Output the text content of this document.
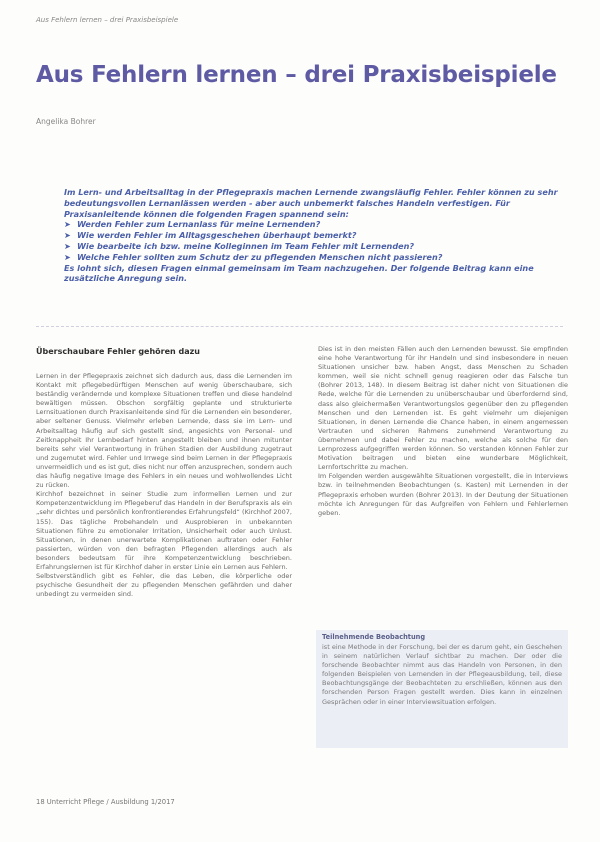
Aus Fehlern lernen – drei Praxisbeispiele
Aus Fehlern lernen – drei Praxisbeispiele
Angelika Bohrer

Im Lern- und Arbeitsalltag in der Pflegepraxis machen Lernende zwangsläufig Fehler. Fehler können zu sehr bedeutungsvollen Lernanlässen werden - aber auch unbemerkt falsches Handeln verfestigen. Für Praxisanleitende können die folgenden Fragen spannend sein:

➤ Werden Fehler zum Lernanlass für meine Lernenden?
➤ Wie werden Fehler im Alltagsgeschehen überhaupt bemerkt?
➤ Wie bearbeite ich bzw. meine Kolleginnen im Team Fehler mit Lernenden?
➤ Welche Fehler sollten zum Schutz der zu pflegenden Menschen nicht passieren?

Es lohnt sich, diesen Fragen einmal gemeinsam im Team nachzugehen. Der folgende Beitrag kann eine zusätzliche Anregung sein.

Überschaubare Fehler gehören dazu

Lernen in der Pflegepraxis zeichnet sich dadurch aus, dass die Lernenden im Kontakt mit pflegebedürftigen Menschen auf wenig überschaubare, sich beständig verändernde und komplexe Situationen treffen und diese handelnd bewältigen müssen. Obschon sorgfältig geplante und strukturierte Lernsituationen durch Praxisanleitende sind für die Lernenden ein besonderer, aber seltener Genuss. Vielmehr erleben Lernende, dass sie im Lern- und Arbeitsalltag häufig auf sich gestellt sind, angesichts von Personal- und Zeitknappheit Ihr Lernbedarf hinten angestellt bleiben und ihnen mitunter bereits sehr viel Verantwortung in frühen Stadien der Ausbildung zugetraut und zugemutet wird. Fehler und Irrwege sind beim Lernen in der Pflegepraxis unvermeidlich und es ist gut, dies nicht nur offen anzusprechen, sondern auch das häufig negative Image des Fehlers in ein neues und wohlwollendes Licht zu rücken.

Kirchhof bezeichnet in seiner Studie zum informellen Lernen und zur Kompetenzentwicklung im Pflegeberuf das Handeln in der Berufspraxis als ein „sehr dichtes und persönlich konfrontierendes Erfahrungsfeld“ (Kirchhof 2007, 155). Das tägliche Probehandeln und Ausprobieren in unbekannten Situationen führe zu emotionaler Irritation, Unsicherheit oder auch Unlust. Situationen, in denen unerwartete Komplikationen auftraten oder Fehler passierten, würden von den befragten Pflegenden allerdings auch als besonders bedeutsam für ihre Kompetenzentwicklung beschrieben. Erfahrungslernen ist für Kirchhof daher in erster Linie ein Lernen aus Fehlern.

Selbstverständlich gibt es Fehler, die das Leben, die körperliche oder psychische Gesundheit der zu pflegenden Menschen gefährden und daher unbedingt zu vermeiden sind.

Dies ist in den meisten Fällen auch den Lernenden bewusst. Sie empfinden eine hohe Verantwortung für ihr Handeln und sind insbesondere in neuen Situationen unsicher bzw. haben Angst, dass Menschen zu Schaden kommen, weil sie nicht schnell genug reagieren oder das Falsche tun (Bohrer 2013, 148). In diesem Beitrag ist daher nicht von Situationen die Rede, welche für die Lernenden zu unüberschaubar und überfordernd sind, dass also gleichermaßen Verantwortungslos gegenüber den zu pflegenden Menschen und den Lernenden ist. Es geht vielmehr um diejenigen Situationen, in denen Lernende die Chance haben, in einem angemessen Vertrauten und sicheren Rahmens zunehmend Verantwortung zu übernehmen und dabei Fehler zu machen, welche als solche für den Lernprozess aufgegriffen werden können. So verstanden können Fehler zur Motivation beitragen und bieten eine wunderbare Möglichkeit, Lernfortschritte zu machen.

Im Folgenden werden ausgewählte Situationen vorgestellt, die in Interviews bzw. in teilnehmenden Beobachtungen (s. Kasten) mit Lernenden in der Pflegepraxis erhoben wurden (Bohrer 2013). In der Deutung der Situationen möchte ich Anregungen für das Aufgreifen von Fehlern und Fehlerlernen geben.

Teilnehmende Beobachtung
ist eine Methode in der Forschung, bei der es darum geht, ein Geschehen in seinem natürlichen Verlauf sichtbar zu machen. Der oder die forschende Beobachter nimmt aus das Handeln von Personen, in den folgenden Beispielen von Lernenden in der Pflegeausbildung, teil, diese Beobachtungsgänge der Beobachteten zu erschließen, können aus den forschenden Person Fragen gestellt werden. Dies kann in einzelnen Gesprächen oder in einer Interviewsituation erfolgen.
18 Unterricht Pflege / Ausbildung 1/2017
